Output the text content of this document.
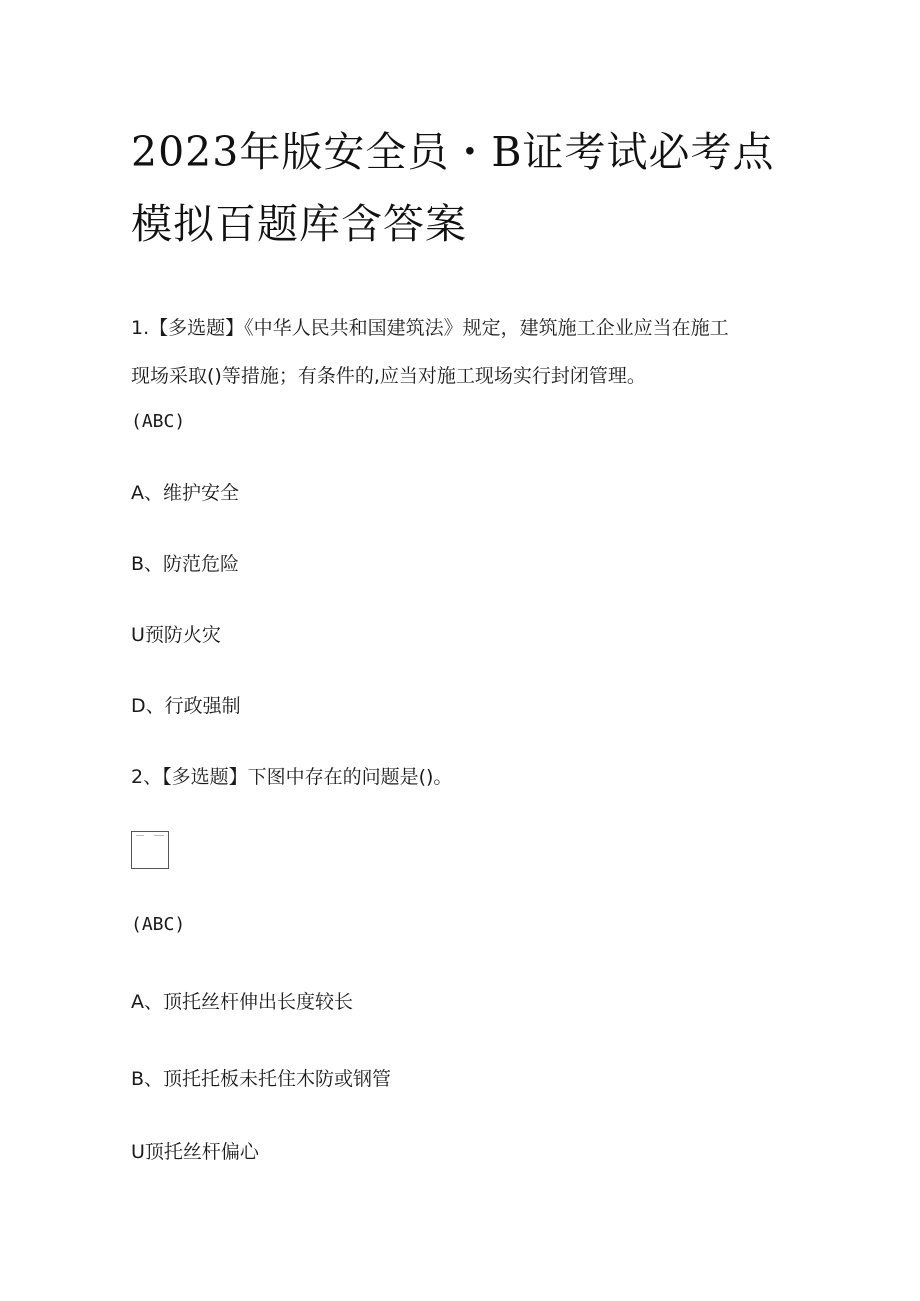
2023年版安全员・B证考试必考点
模拟百题库含答案
1.【多选题】《中华人民共和国建筑法》规定，建筑施工企业应当在施工
现场采取()等措施；有条件的,应当对施工现场实行封闭管理。
(ABC)
A、维护安全
B、防范危险
U预防火灾
D、行政强制
2、【多选题】下图中存在的问题是()。
(ABC)
A、顶托丝杆伸出长度较长
B、顶托托板未托住木防或钢管
U顶托丝杆偏心
